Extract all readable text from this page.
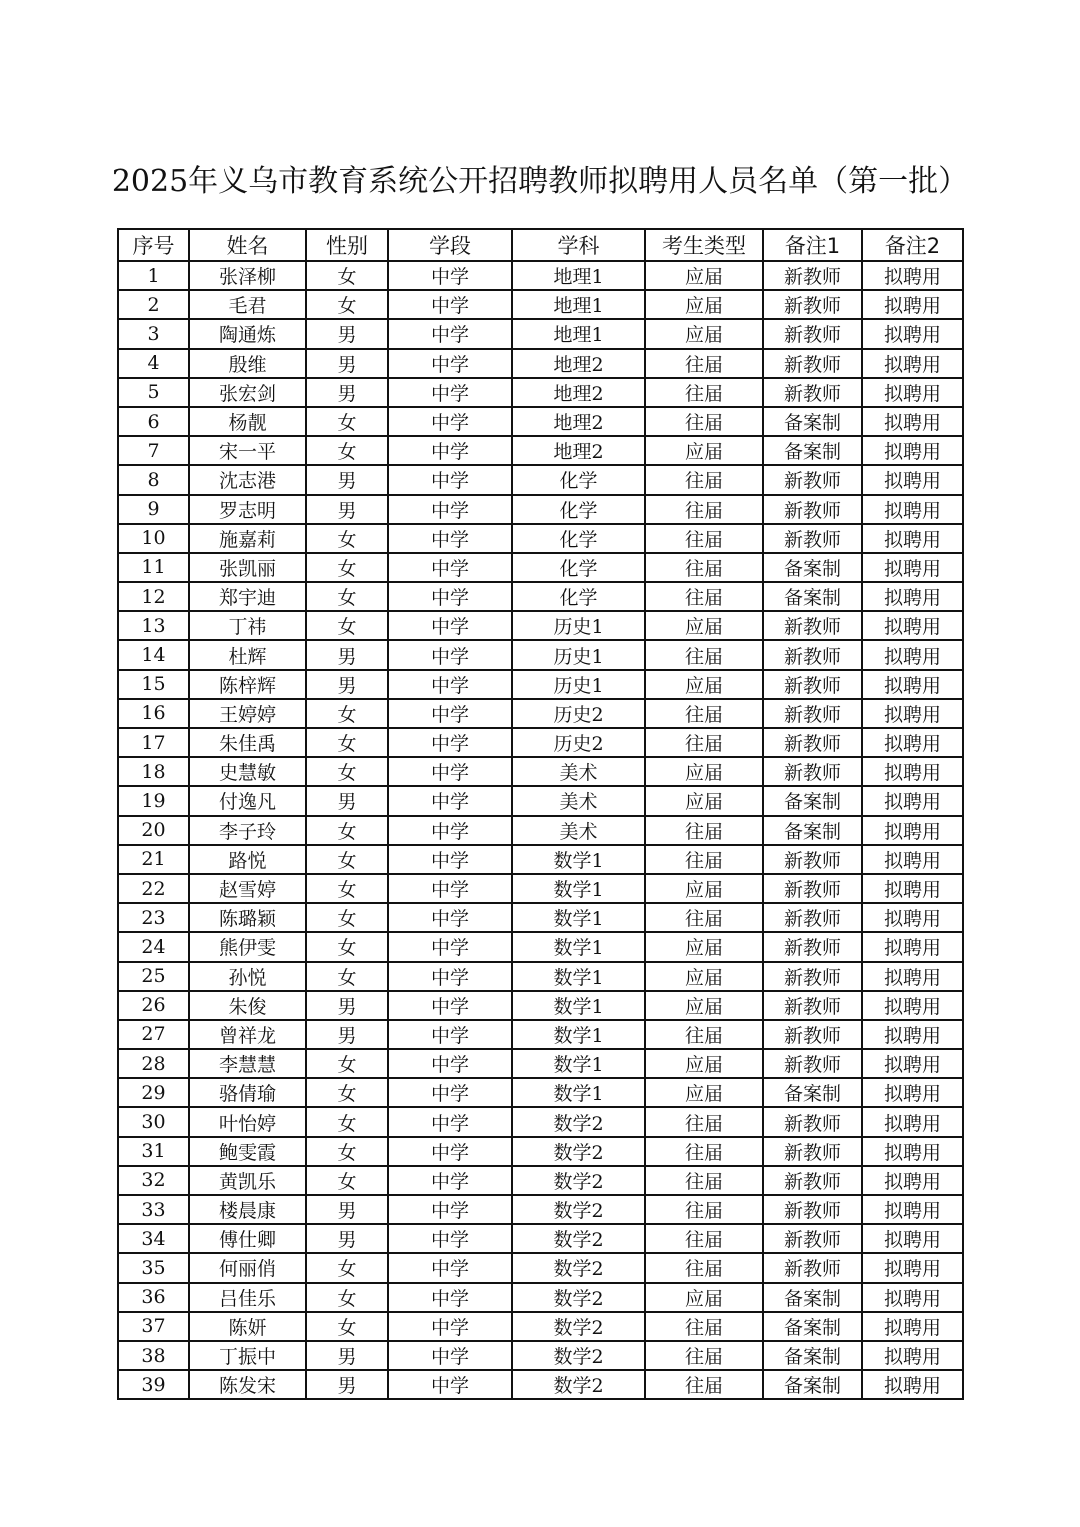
2025年义乌市教育系统公开招聘教师拟聘用人员名单（第一批）
序号	姓名	性别	学段	学科	考生类型	备注1	备注2
1	张泽柳	女	中学	地理1	应届	新教师	拟聘用
2	毛君	女	中学	地理1	应届	新教师	拟聘用
3	陶通炼	男	中学	地理1	应届	新教师	拟聘用
4	殷维	男	中学	地理2	往届	新教师	拟聘用
5	张宏剑	男	中学	地理2	往届	新教师	拟聘用
6	杨靓	女	中学	地理2	往届	备案制	拟聘用
7	宋一平	女	中学	地理2	应届	备案制	拟聘用
8	沈志港	男	中学	化学	往届	新教师	拟聘用
9	罗志明	男	中学	化学	往届	新教师	拟聘用
10	施嘉莉	女	中学	化学	往届	新教师	拟聘用
11	张凯丽	女	中学	化学	往届	备案制	拟聘用
12	郑宇迪	女	中学	化学	往届	备案制	拟聘用
13	丁祎	女	中学	历史1	应届	新教师	拟聘用
14	杜辉	男	中学	历史1	往届	新教师	拟聘用
15	陈梓辉	男	中学	历史1	应届	新教师	拟聘用
16	王婷婷	女	中学	历史2	往届	新教师	拟聘用
17	朱佳禹	女	中学	历史2	往届	新教师	拟聘用
18	史慧敏	女	中学	美术	应届	新教师	拟聘用
19	付逸凡	男	中学	美术	应届	备案制	拟聘用
20	李子玲	女	中学	美术	往届	备案制	拟聘用
21	路悦	女	中学	数学1	往届	新教师	拟聘用
22	赵雪婷	女	中学	数学1	应届	新教师	拟聘用
23	陈璐颖	女	中学	数学1	往届	新教师	拟聘用
24	熊伊雯	女	中学	数学1	应届	新教师	拟聘用
25	孙悦	女	中学	数学1	应届	新教师	拟聘用
26	朱俊	男	中学	数学1	应届	新教师	拟聘用
27	曾祥龙	男	中学	数学1	往届	新教师	拟聘用
28	李慧慧	女	中学	数学1	应届	新教师	拟聘用
29	骆倩瑜	女	中学	数学1	应届	备案制	拟聘用
30	叶怡婷	女	中学	数学2	往届	新教师	拟聘用
31	鲍雯霞	女	中学	数学2	往届	新教师	拟聘用
32	黄凯乐	女	中学	数学2	往届	新教师	拟聘用
33	楼晨康	男	中学	数学2	往届	新教师	拟聘用
34	傅仕卿	男	中学	数学2	往届	新教师	拟聘用
35	何丽俏	女	中学	数学2	往届	新教师	拟聘用
36	吕佳乐	女	中学	数学2	应届	备案制	拟聘用
37	陈妍	女	中学	数学2	往届	备案制	拟聘用
38	丁振中	男	中学	数学2	往届	备案制	拟聘用
39	陈发宋	男	中学	数学2	往届	备案制	拟聘用
